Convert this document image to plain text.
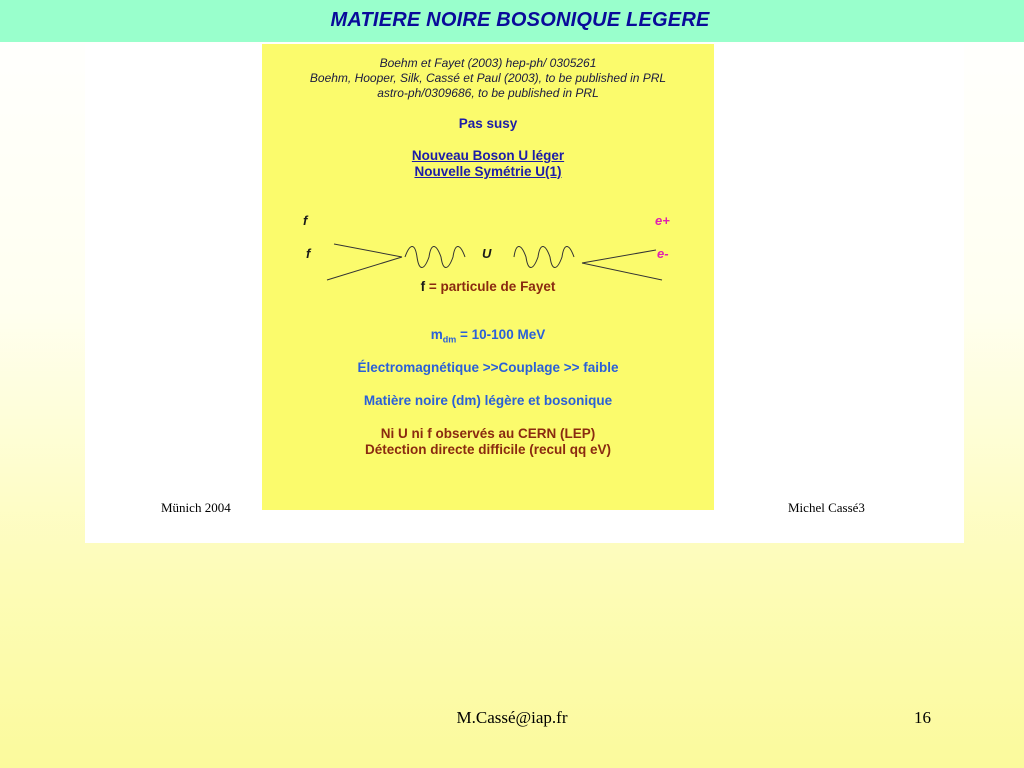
MATIERE NOIRE BOSONIQUE LEGERE
Boehm et Fayet (2003) hep-ph/ 0305261
Boehm, Hooper, Silk, Cassé et Paul (2003), to be published in PRL
astro-ph/0309686, to be published in PRL
Pas susy
Nouveau Boson U léger
Nouvelle Symétrie U(1)
f
f	U
e+
e-
f = particule de Fayet
$m_{dm} = 10-100$ MeV
Électromagnétique >>Couplage >> faible
Matière noire (dm) légère et bosonique
Ni U ni f observés au CERN (LEP)
Détection directe difficile (recul qq eV)
Münich 2004	Michel Cassé3
M.Cassé@iap.fr	16
